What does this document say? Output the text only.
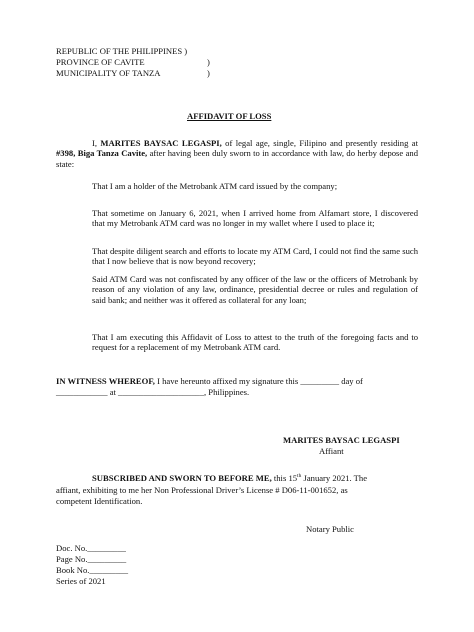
REPUBLIC OF THE PHILIPPINES )

PROVINCE OF CAVITE	)

MUNICIPALITY OF TANZA	)

AFFIDAVIT OF LOSS

I, MARITES BAYSAC LEGASPI, of legal age, single, Filipino and presently residing at #398, Biga Tanza Cavite, after having been duly sworn to in accordance with law, do herby depose and state:

That I am a holder of the Metrobank ATM card issued by the company;

That sometime on January 6, 2021, when I arrived home from Alfamart store, I discovered that my Metrobank ATM card was no longer in my wallet where I used to place it;

That despite diligent search and efforts to locate my ATM Card, I could not find the same such that I now believe that is now beyond recovery;

Said ATM Card was not confiscated by any officer of the law or the officers of Metrobank by reason of any violation of any law, ordinance, presidential decree or rules and regulation of said bank; and neither was it offered as collateral for any loan;

That I am executing this Affidavit of Loss to attest to the truth of the foregoing facts and to request for a replacement of my Metrobank ATM card.

IN WITNESS WHEREOF, I have hereunto affixed my signature this _________ day of

____________ at ____________________, Philippines.

MARITES BAYSAC LEGASPI

Affiant

SUBSCRIBED AND SWORN TO BEFORE ME, this 15th January 2021. The

affiant, exhibiting to me her Non Professional Driver’s License # D06-11-001652, as

competent Identification.

Notary Public

Doc. No._________

Page No._________

Book No._________

Series of 2021
